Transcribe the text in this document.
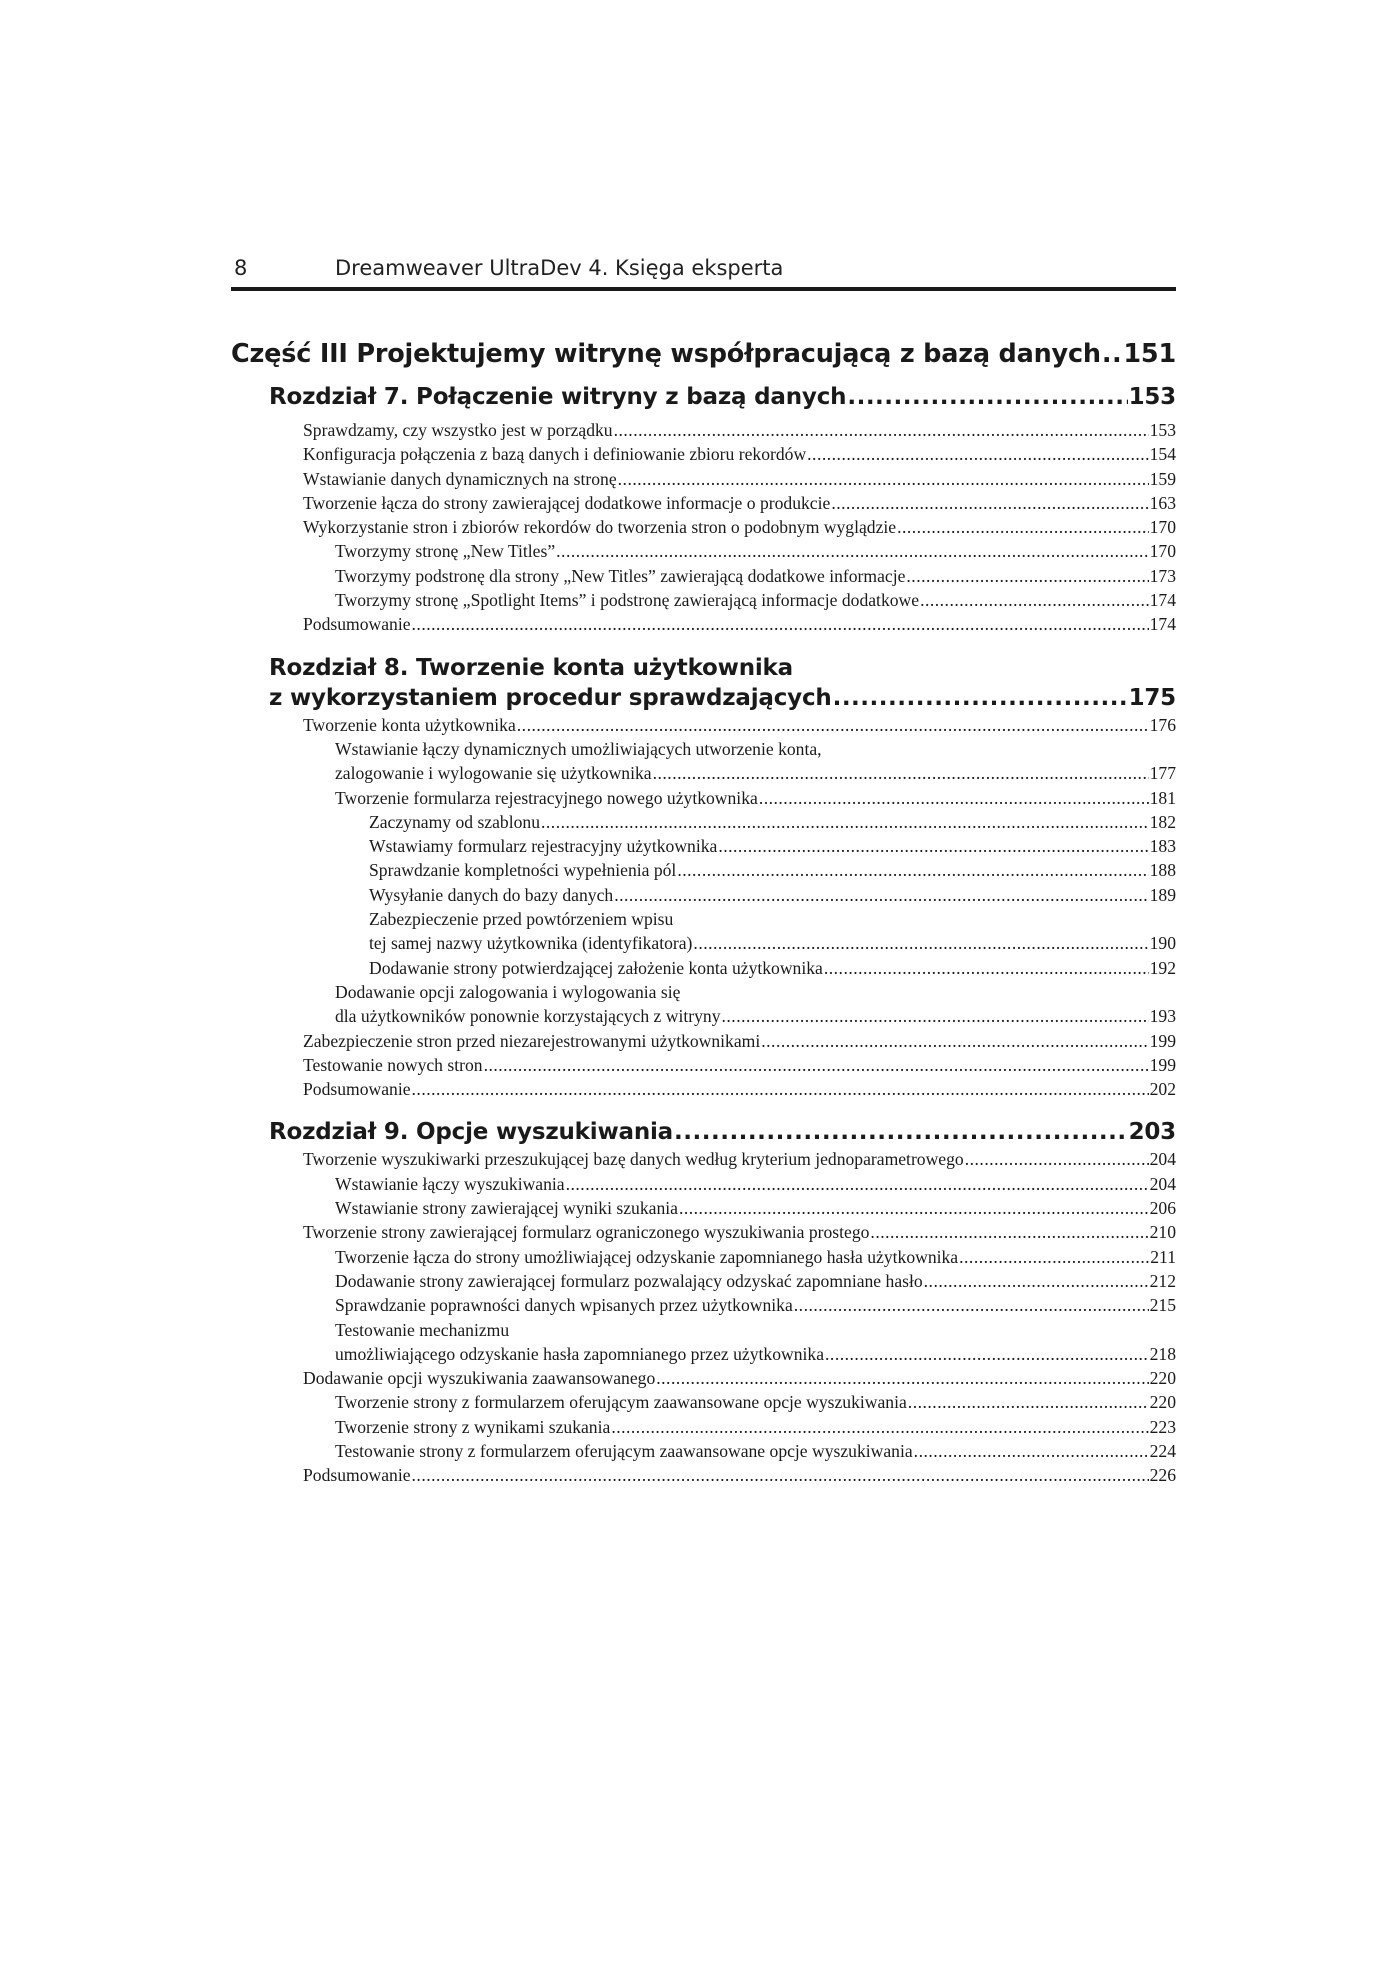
8	Dreamweaver UltraDev 4. Księga eksperta
Część III Projektujemy witrynę współpracującą z bazą danych ..... 151
Rozdział 7. Połączenie witryny z bazą danych .....	153
Sprawdzamy, czy wszystko jest w porządku .....	153
Konfiguracja połączenia z bazą danych i definiowanie zbioru rekordów .....	154
Wstawianie danych dynamicznych na stronę .....	159
Tworzenie łącza do strony zawierającej dodatkowe informacje o produkcie .....	163
Wykorzystanie stron i zbiorów rekordów do tworzenia stron o podobnym wyglądzie .....	170
Tworzymy stronę „New Titles” .....	170
Tworzymy podstronę dla strony „New Titles” zawierającą dodatkowe informacje .....	173
Tworzymy stronę „Spotlight Items” i podstronę zawierającą informacje dodatkowe .....	174
Podsumowanie .....	174
Rozdział 8. Tworzenie konta użytkownika
z wykorzystaniem procedur sprawdzających .....	175
Tworzenie konta użytkownika .....	176
Wstawianie łączy dynamicznych umożliwiających utworzenie konta,
zalogowanie i wylogowanie się użytkownika .....	177
Tworzenie formularza rejestracyjnego nowego użytkownika .....	181
Zaczynamy od szablonu .....	182
Wstawiamy formularz rejestracyjny użytkownika .....	183
Sprawdzanie kompletności wypełnienia pól .....	188
Wysyłanie danych do bazy danych .....	189
Zabezpieczenie przed powtórzeniem wpisu
tej samej nazwy użytkownika (identyfikatora) .....	190
Dodawanie strony potwierdzającej założenie konta użytkownika .....	192
Dodawanie opcji zalogowania i wylogowania się
dla użytkowników ponownie korzystających z witryny .....	193
Zabezpieczenie stron przed niezarejestrowanymi użytkownikami .....	199
Testowanie nowych stron .....	199
Podsumowanie .....	202
Rozdział 9. Opcje wyszukiwania .....	203
Tworzenie wyszukiwarki przeszukującej bazę danych według kryterium jednoparametrowego .....	204
Wstawianie łączy wyszukiwania .....	204
Wstawianie strony zawierającej wyniki szukania .....	206
Tworzenie strony zawierającej formularz ograniczonego wyszukiwania prostego .....	210
Tworzenie łącza do strony umożliwiającej odzyskanie zapomnianego hasła użytkownika .....	211
Dodawanie strony zawierającej formularz pozwalający odzyskać zapomniane hasło .....	212
Sprawdzanie poprawności danych wpisanych przez użytkownika .....	215
Testowanie mechanizmu
umożliwiającego odzyskanie hasła zapomnianego przez użytkownika .....	218
Dodawanie opcji wyszukiwania zaawansowanego .....	220
Tworzenie strony z formularzem oferującym zaawansowane opcje wyszukiwania .....	220
Tworzenie strony z wynikami szukania .....	223
Testowanie strony z formularzem oferującym zaawansowane opcje wyszukiwania .....	224
Podsumowanie .....	226
